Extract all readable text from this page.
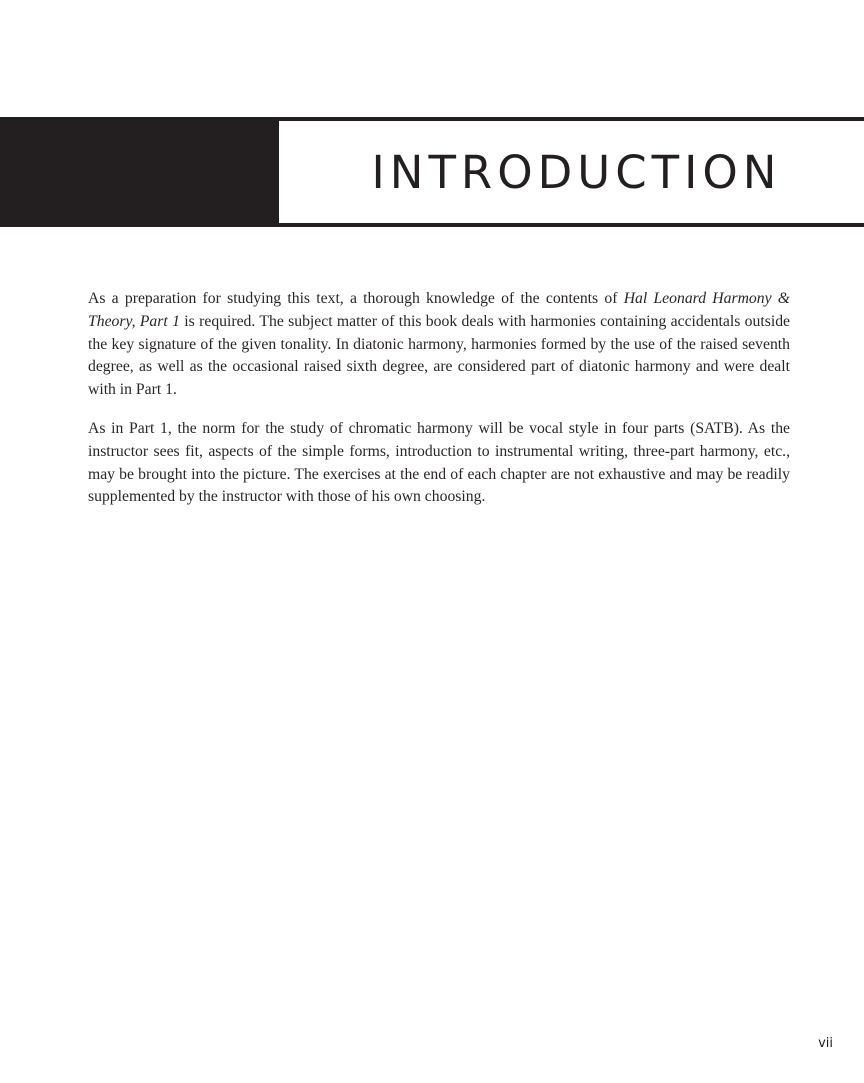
INTRODUCTION

As a preparation for studying this text, a thorough knowledge of the contents of Hal Leonard Harmony & Theory, Part 1 is required. The subject matter of this book deals with harmonies containing accidentals outside the key signature of the given tonality. In diatonic harmony, harmonies formed by the use of the raised seventh degree, as well as the occasional raised sixth degree, are considered part of diatonic harmony and were dealt with in Part 1.

As in Part 1, the norm for the study of chromatic harmony will be vocal style in four parts (SATB). As the instructor sees fit, aspects of the simple forms, introduction to instrumental writing, three-part harmony, etc., may be brought into the picture. The exercises at the end of each chapter are not exhaustive and may be readily supplemented by the instructor with those of his own choosing.

vii
